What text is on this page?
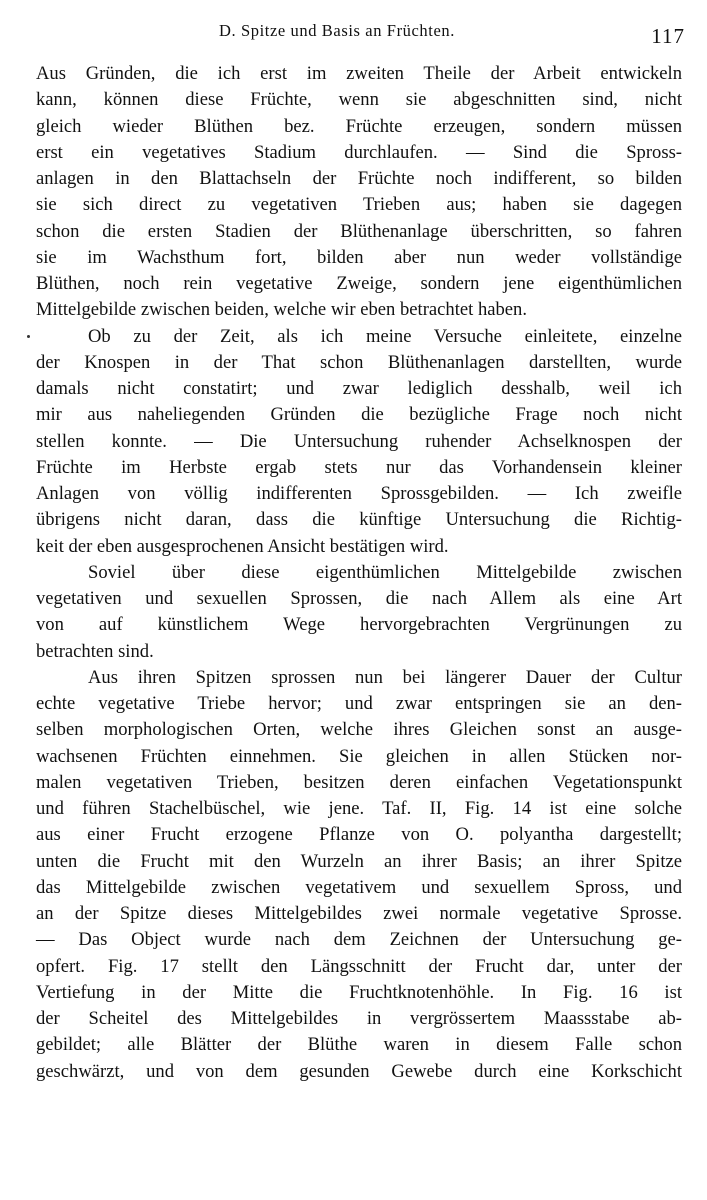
D. Spitze und Basis an Früchten.	117
Aus Gründen, die ich erst im zweiten Theile der Arbeit entwickeln
kann, können diese Früchte, wenn sie abgeschnitten sind, nicht
gleich wieder Blüthen bez. Früchte erzeugen, sondern müssen
erst ein vegetatives Stadium durchlaufen. — Sind die Spross-
anlagen in den Blattachseln der Früchte noch indifferent, so bilden
sie sich direct zu vegetativen Trieben aus; haben sie dagegen
schon die ersten Stadien der Blüthenanlage überschritten, so fahren
sie im Wachsthum fort, bilden aber nun weder vollständige
Blüthen, noch rein vegetative Zweige, sondern jene eigenthümlichen
Mittelgebilde zwischen beiden, welche wir eben betrachtet haben.
Ob zu der Zeit, als ich meine Versuche einleitete, einzelne
der Knospen in der That schon Blüthenanlagen darstellten, wurde
damals nicht constatirt; und zwar lediglich desshalb, weil ich
mir aus naheliegenden Gründen die bezügliche Frage noch nicht
stellen konnte. — Die Untersuchung ruhender Achselknospen der
Früchte im Herbste ergab stets nur das Vorhandensein kleiner
Anlagen von völlig indifferenten Sprossgebilden. — Ich zweifle
übrigens nicht daran, dass die künftige Untersuchung die Richtig-
keit der eben ausgesprochenen Ansicht bestätigen wird.
Soviel über diese eigenthümlichen Mittelgebilde zwischen
vegetativen und sexuellen Sprossen, die nach Allem als eine Art
von auf künstlichem Wege hervorgebrachten Vergrünungen zu
betrachten sind.
Aus ihren Spitzen sprossen nun bei längerer Dauer der Cultur
echte vegetative Triebe hervor; und zwar entspringen sie an den-
selben morphologischen Orten, welche ihres Gleichen sonst an ausge-
wachsenen Früchten einnehmen. Sie gleichen in allen Stücken nor-
malen vegetativen Trieben, besitzen deren einfachen Vegetationspunkt
und führen Stachelbüschel, wie jene. Taf. II, Fig. 14 ist eine solche
aus einer Frucht erzogene Pflanze von O. polyantha dargestellt;
unten die Frucht mit den Wurzeln an ihrer Basis; an ihrer Spitze
das Mittelgebilde zwischen vegetativem und sexuellem Spross, und
an der Spitze dieses Mittelgebildes zwei normale vegetative Sprosse.
— Das Object wurde nach dem Zeichnen der Untersuchung ge-
opfert. Fig. 17 stellt den Längsschnitt der Frucht dar, unter der
Vertiefung in der Mitte die Fruchtknotenhöhle. In Fig. 16 ist
der Scheitel des Mittelgebildes in vergrössertem Maassstabe ab-
gebildet; alle Blätter der Blüthe waren in diesem Falle schon
geschwärzt, und von dem gesunden Gewebe durch eine Korkschicht
